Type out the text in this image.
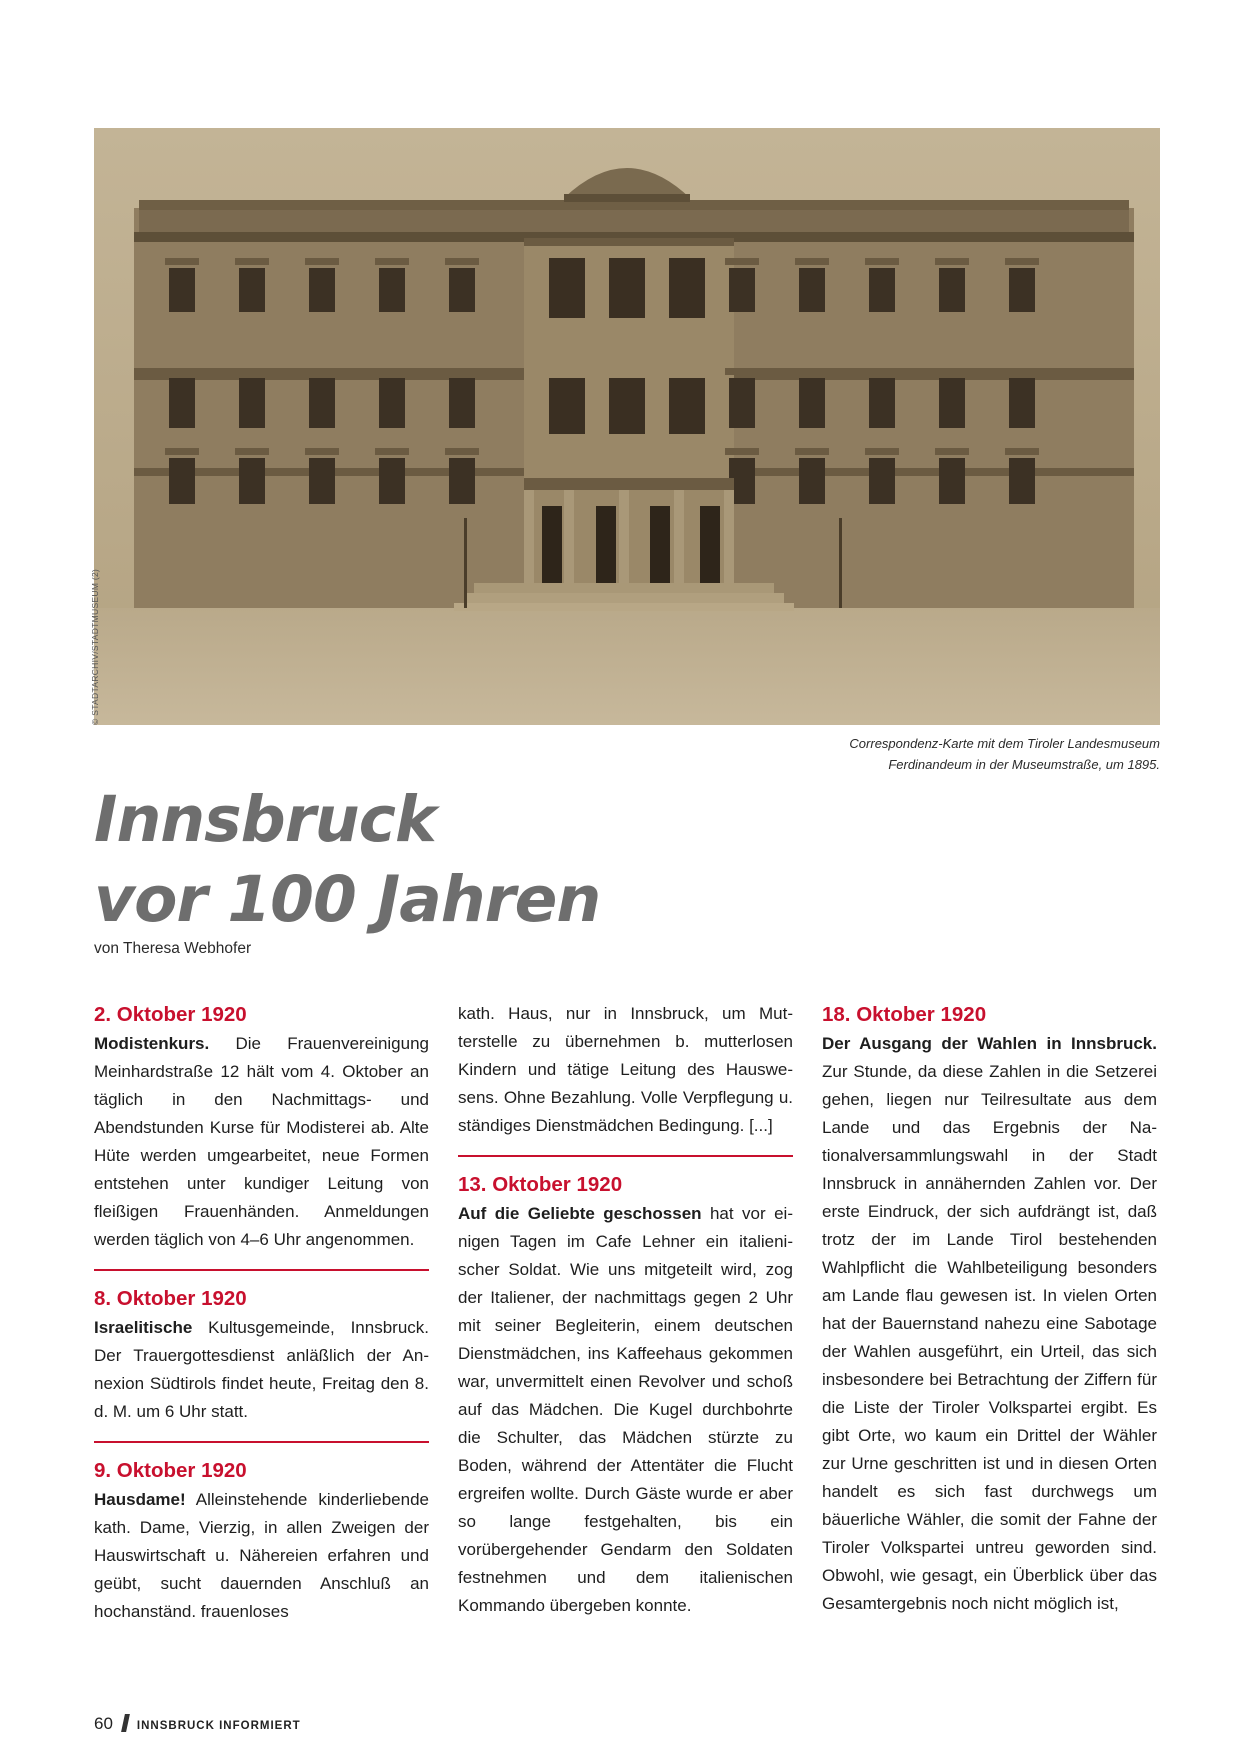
© STADTARCHIV/STADTMUSEUM (2)
Correspondenz-Karte mit dem Tiroler Landesmuseum
Ferdinandeum in der Museumstraße, um 1895.
Innsbruck
vor 100 Jahren
von Theresa Webhofer
2. Oktober 1920

Modistenkurs. Die Frauenvereinigung Meinhardstraße 12 hält vom 4. Oktober an täglich in den Nachmittags- und Abendstunden Kurse für Modisterei ab. Alte Hüte werden umgearbeitet, neue Formen entstehen unter kundiger Leitung von fleißigen Frauenhänden. Anmeldungen werden täglich von 4–6 Uhr angenommen.

8. Oktober 1920

Israelitische Kultusgemeinde, Innsbruck. Der Trauergottesdienst anläßlich der Annexion Südtirols findet heute, Freitag den 8. d. M. um 6 Uhr statt.

9. Oktober 1920

Hausdame! Alleinstehende kinderliebende kath. Dame, Vierzig, in allen Zweigen der Hauswirtschaft u. Nähereien erfahren und geübt, sucht dauernden Anschluß an hochanständ. frauenloses

kath. Haus, nur in Innsbruck, um Mutterstelle zu übernehmen b. mutterlosen Kindern und tätige Leitung des Hauswesens. Ohne Bezahlung. Volle Verpflegung u. ständiges Dienstmädchen Bedingung. [...]

13. Oktober 1920

Auf die Geliebte geschossen hat vor einigen Tagen im Cafe Lehner ein italienischer Soldat. Wie uns mitgeteilt wird, zog der Italiener, der nachmittags gegen 2 Uhr mit seiner Begleiterin, einem deutschen Dienstmädchen, ins Kaffeehaus gekommen war, unvermittelt einen Revolver und schoß auf das Mädchen. Die Kugel durchbohrte die Schulter, das Mädchen stürzte zu Boden, während der Attentäter die Flucht ergreifen wollte. Durch Gäste wurde er aber so lange festgehalten, bis ein vorübergehender Gendarm den Soldaten festnehmen und dem italienischen Kommando übergeben konnte.

18. Oktober 1920

Der Ausgang der Wahlen in Innsbruck. Zur Stunde, da diese Zahlen in die Setzerei gehen, liegen nur Teilresultate aus dem Lande und das Ergebnis der Nationalversammlungswahl in der Stadt Innsbruck in annähernden Zahlen vor. Der erste Eindruck, der sich aufdrängt ist, daß trotz der im Lande Tirol bestehenden Wahlpflicht die Wahlbeteiligung besonders am Lande flau gewesen ist. In vielen Orten hat der Bauernstand nahezu eine Sabotage der Wahlen ausgeführt, ein Urteil, das sich insbesondere bei Betrachtung der Ziffern für die Liste der Tiroler Volkspartei ergibt. Es gibt Orte, wo kaum ein Drittel der Wähler zur Urne geschritten ist und in diesen Orten handelt es sich fast durchwegs um bäuerliche Wähler, die somit der Fahne der Tiroler Volkspartei untreu geworden sind. Obwohl, wie gesagt, ein Überblick über das Gesamtergebnis noch nicht möglich ist,

60 INNSBRUCK INFORMIERT
